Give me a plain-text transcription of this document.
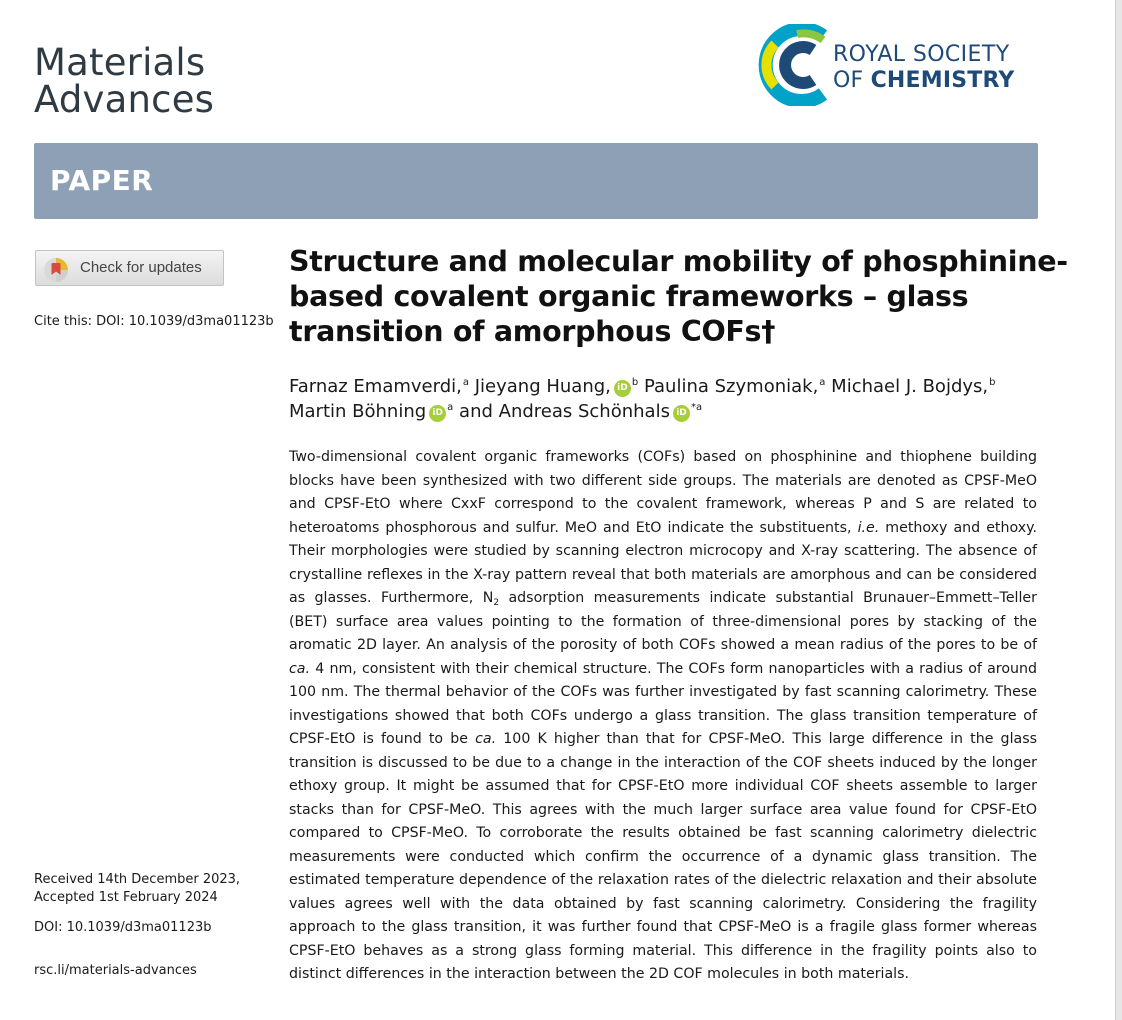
Materials
Advances
ROYAL SOCIETY
OF CHEMISTRY
PAPER
Check for updates
Cite this: DOI: 10.1039/d3ma01123b
Structure and molecular mobility of phosphinine-
based covalent organic frameworks – glass
transition of amorphous COFs†
Farnaz Emamverdi,$^a$ Jieyang Huang, iD $^b$ Paulina Szymoniak,$^a$ Michael J. Bojdys,$^b$
Martin Böhning iD $^a$ and Andreas Schönhals iD $^{*a}$
Two-dimensional covalent organic frameworks (COFs) based on phosphinine and thiophene building
blocks have been synthesized with two different side groups. The materials are denoted as CPSF-MeO
and CPSF-EtO where CxxF correspond to the covalent framework, whereas P and S are related to
heteroatoms phosphorous and sulfur. MeO and EtO indicate the substituents, i.e. methoxy and ethoxy.
Their morphologies were studied by scanning electron microcopy and X-ray scattering. The absence of
crystalline reflexes in the X-ray pattern reveal that both materials are amorphous and can be considered
as glasses. Furthermore, $N_2$ adsorption measurements indicate substantial Brunauer–Emmett–Teller
(BET) surface area values pointing to the formation of three-dimensional pores by stacking of the
aromatic 2D layer. An analysis of the porosity of both COFs showed a mean radius of the pores to be of
ca. 4 nm, consistent with their chemical structure. The COFs form nanoparticles with a radius of around
100 nm. The thermal behavior of the COFs was further investigated by fast scanning calorimetry. These
investigations showed that both COFs undergo a glass transition. The glass transition temperature of
CPSF-EtO is found to be ca. 100 K higher than that for CPSF-MeO. This large difference in the glass
transition is discussed to be due to a change in the interaction of the COF sheets induced by the longer
ethoxy group. It might be assumed that for CPSF-EtO more individual COF sheets assemble to larger
stacks than for CPSF-MeO. This agrees with the much larger surface area value found for CPSF-EtO
compared to CPSF-MeO. To corroborate the results obtained be fast scanning calorimetry dielectric
measurements were conducted which confirm the occurrence of a dynamic glass transition. The
estimated temperature dependence of the relaxation rates of the dielectric relaxation and their absolute
values agrees well with the data obtained by fast scanning calorimetry. Considering the fragility
approach to the glass transition, it was further found that CPSF-MeO is a fragile glass former whereas
CPSF-EtO behaves as a strong glass forming material. This difference in the fragility points also to
distinct differences in the interaction between the 2D COF molecules in both materials.
Received 14th December 2023,
Accepted 1st February 2024
DOI: 10.1039/d3ma01123b
rsc.li/materials-advances
